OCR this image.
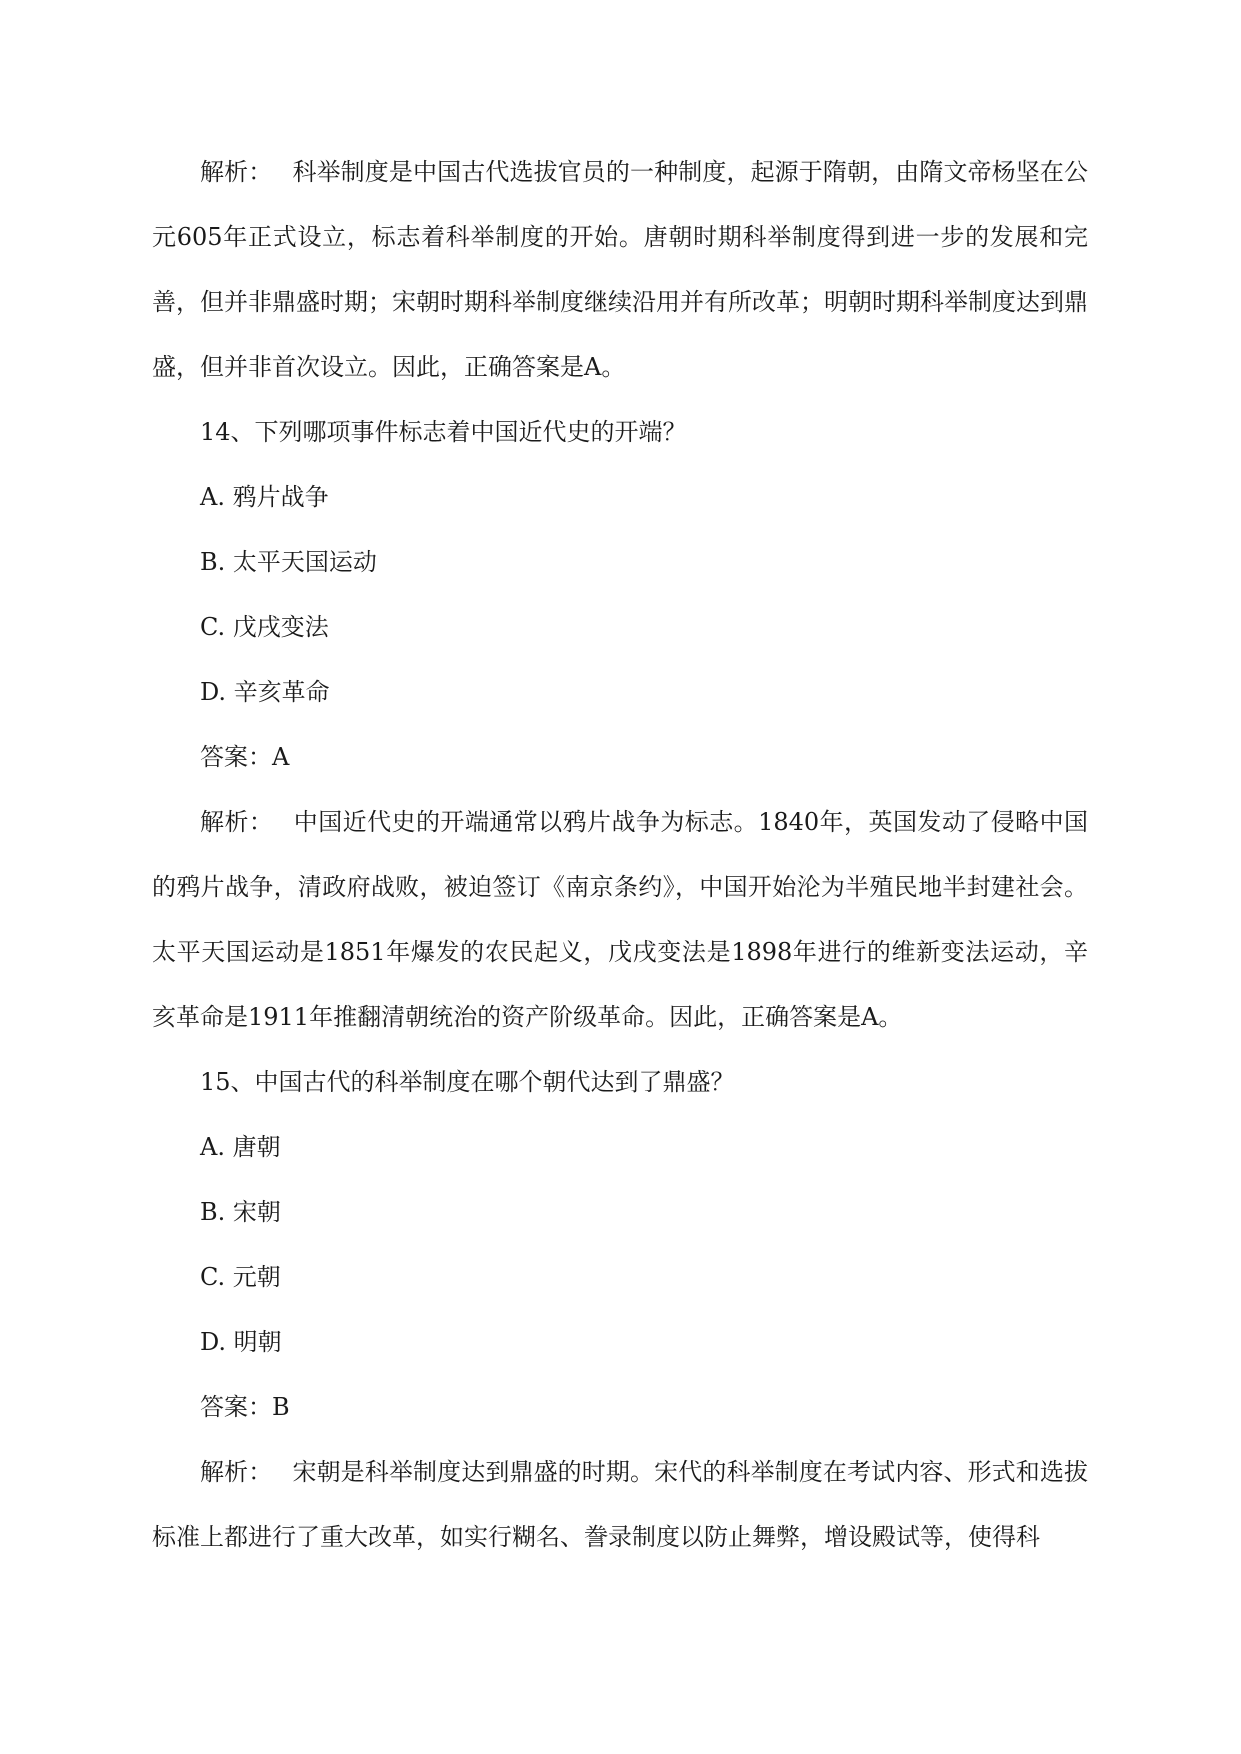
解析： 科举制度是中国古代选拔官员的一种制度，起源于隋朝，由隋文帝杨坚在公元605年正式设立，标志着科举制度的开始。唐朝时期科举制度得到进一步的发展和完善，但并非鼎盛时期；宋朝时期科举制度继续沿用并有所改革；明朝时期科举制度达到鼎盛，但并非首次设立。因此，正确答案是A。

14、下列哪项事件标志着中国近代史的开端？

A. 鸦片战争

B. 太平天国运动

C. 戊戌变法

D. 辛亥革命

答案：A

解析： 中国近代史的开端通常以鸦片战争为标志。1840年，英国发动了侵略中国的鸦片战争，清政府战败，被迫签订《南京条约》，中国开始沦为半殖民地半封建社会。太平天国运动是1851年爆发的农民起义，戊戌变法是1898年进行的维新变法运动，辛亥革命是1911年推翻清朝统治的资产阶级革命。因此，正确答案是A。

15、中国古代的科举制度在哪个朝代达到了鼎盛？

A. 唐朝

B. 宋朝

C. 元朝

D. 明朝

答案：B

解析： 宋朝是科举制度达到鼎盛的时期。宋代的科举制度在考试内容、形式和选拔标准上都进行了重大改革，如实行糊名、誊录制度以防止舞弊，增设殿试等，使得科
